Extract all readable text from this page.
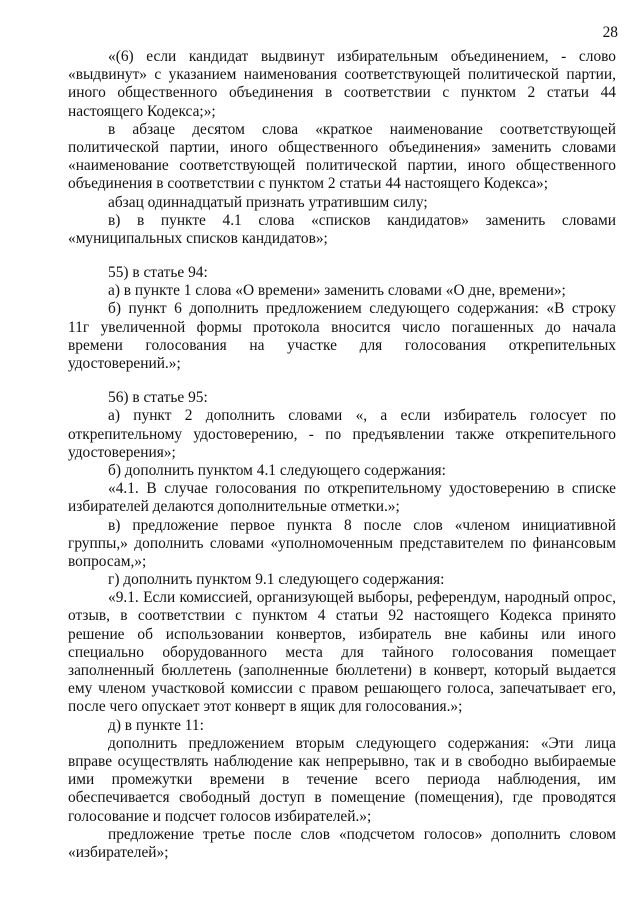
28
«(6) если кандидат выдвинут избирательным объединением, - слово
«выдвинут» с указанием наименования соответствующей политической партии,
иного общественного объединения в соответствии с пунктом 2 статьи 44
настоящего Кодекса;»;
в абзаце десятом слова «краткое наименование соответствующей
политической партии, иного общественного объединения» заменить словами
«наименование соответствующей политической партии, иного общественного
объединения в соответствии с пунктом 2 статьи 44 настоящего Кодекса»;
абзац одиннадцатый признать утратившим силу;
в) в пункте 4.1 слова «списков кандидатов» заменить словами
«муниципальных списков кандидатов»;
55) в статье 94:
а) в пункте 1 слова «О времени» заменить словами «О дне, времени»;
б) пункт 6 дополнить предложением следующего содержания: «В строку
11г увеличенной формы протокола вносится число погашенных до начала
времени голосования на участке для голосования открепительных
удостоверений.»;
56) в статье 95:
а) пункт 2 дополнить словами «, а если избиратель голосует по
открепительному удостоверению, - по предъявлении также открепительного
удостоверения»;
б) дополнить пунктом 4.1 следующего содержания:
«4.1. В случае голосования по открепительному удостоверению в списке
избирателей делаются дополнительные отметки.»;
в) предложение первое пункта 8 после слов «членом инициативной
группы,» дополнить словами «уполномоченным представителем по финансовым
вопросам,»;
г) дополнить пунктом 9.1 следующего содержания:
«9.1. Если комиссией, организующей выборы, референдум, народный опрос,
отзыв, в соответствии с пунктом 4 статьи 92 настоящего Кодекса принято
решение об использовании конвертов, избиратель вне кабины или иного
специально оборудованного места для тайного голосования помещает
заполненный бюллетень (заполненные бюллетени) в конверт, который выдается
ему членом участковой комиссии с правом решающего голоса, запечатывает его,
после чего опускает этот конверт в ящик для голосования.»;
д) в пункте 11:
дополнить предложением вторым следующего содержания: «Эти лица
вправе осуществлять наблюдение как непрерывно, так и в свободно выбираемые
ими промежутки времени в течение всего периода наблюдения, им
обеспечивается свободный доступ в помещение (помещения), где проводятся
голосование и подсчет голосов избирателей.»;
предложение третье после слов «подсчетом голосов» дополнить словом
«избирателей»;
